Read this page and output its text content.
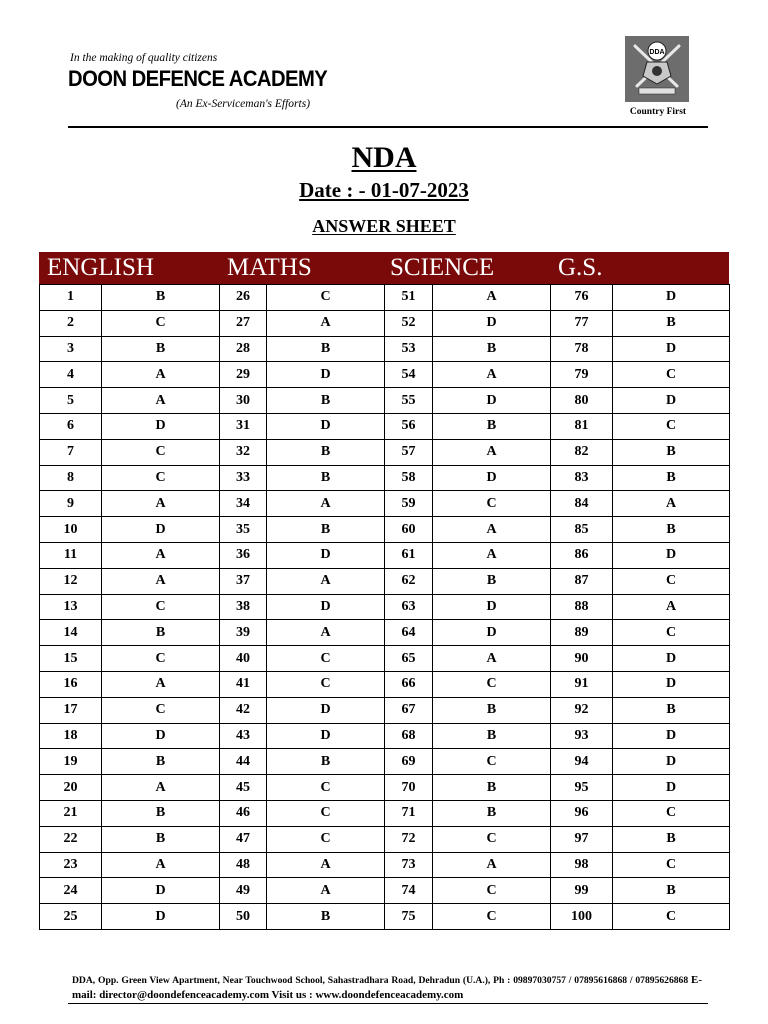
In the making of quality citizens
DOON DEFENCE ACADEMY
(An Ex-Serviceman's Efforts)
DDA
Country First
NDA
Date : - 01-07-2023
ANSWER SHEET
ENGLISH	MATHS	SCIENCE	G.S.
1	B	26	C	51	A	76	D
2	C	27	A	52	D	77	B
3	B	28	B	53	B	78	D
4	A	29	D	54	A	79	C
5	A	30	B	55	D	80	D
6	D	31	D	56	B	81	C
7	C	32	B	57	A	82	B
8	C	33	B	58	D	83	B
9	A	34	A	59	C	84	A
10	D	35	B	60	A	85	B
11	A	36	D	61	A	86	D
12	A	37	A	62	B	87	C
13	C	38	D	63	D	88	A
14	B	39	A	64	D	89	C
15	C	40	C	65	A	90	D
16	A	41	C	66	C	91	D
17	C	42	D	67	B	92	B
18	D	43	D	68	B	93	D
19	B	44	B	69	C	94	D
20	A	45	C	70	B	95	D
21	B	46	C	71	B	96	C
22	B	47	C	72	C	97	B
23	A	48	A	73	A	98	C
24	D	49	A	74	C	99	B
25	D	50	B	75	C	100	C
DDA, Opp. Green View Apartment, Near Touchwood School, Sahastradhara Road, Dehradun (U.A.), Ph : 09897030757 / 07895616868 / 07895626868 E-mail: director@doondefenceacademy.com Visit us : www.doondefenceacademy.com
